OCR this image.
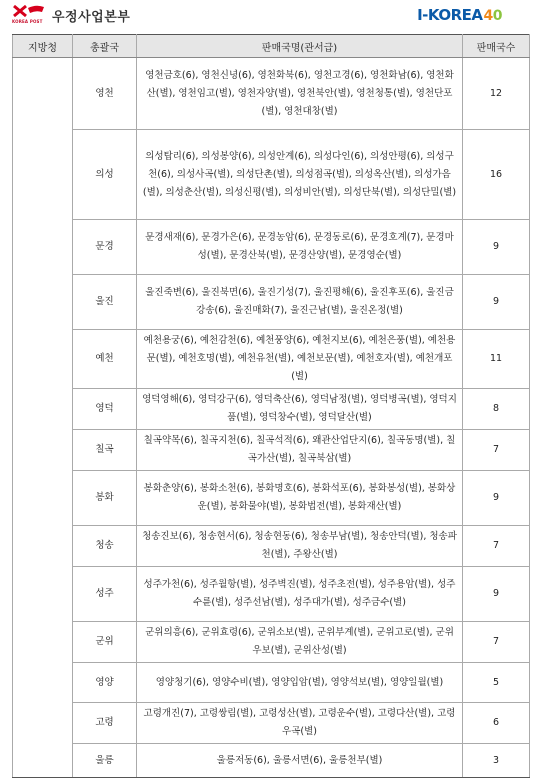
KOREA POST 우정사업본부	I-KOREA 4 0
지방청	총괄국	판매국명(관서급)	판매국수
	영천	영천금호(6), 영천신녕(6), 영천화북(6), 영천고경(6), 영천화남(6), 영천화산(별), 영천임고(별), 영천자양(별), 영천북안(별), 영천청통(별), 영천단포(별), 영천대창(별)	12
	의성	의성탑리(6), 의성봉양(6), 의성안계(6), 의성다인(6), 의성안평(6), 의성구천(6), 의성사곡(별), 의성단촌(별), 의성점곡(별), 의성옥산(별), 의성가음(별), 의성춘산(별), 의성신평(별), 의성비안(별), 의성단북(별), 의성단밀(별)	16
	문경	문경새재(6), 문경가은(6), 문경농암(6), 문경동로(6), 문경호계(7), 문경마성(별), 문경산북(별), 문경산양(별), 문경영순(별)	9
	울진	울진죽변(6), 울진북면(6), 울진기성(7), 울진평해(6), 울진후포(6), 울진금강송(6), 울진매화(7), 울진근남(별), 울진온정(별)	9
	예천	예천용궁(6), 예천감천(6), 예천풍양(6), 예천지보(6), 예천은풍(별), 예천용문(별), 예천호명(별), 예천유천(별), 예천보문(별), 예천호자(별), 예천개포(별)	11
	영덕	영덕영해(6), 영덕강구(6), 영덕축산(6), 영덕남정(별), 영덕병곡(별), 영덕지품(별), 영덕창수(별), 영덕달산(별)	8
	칠곡	칠곡약목(6), 칠곡지천(6), 칠곡석적(6), 왜관산업단지(6), 칠곡동명(별), 칠곡가산(별), 칠곡북삼(별)	7
	봉화	봉화춘양(6), 봉화소천(6), 봉화명호(6), 봉화석포(6), 봉화봉성(별), 봉화상운(별), 봉화물야(별), 봉화법전(별), 봉화재산(별)	9
	청송	청송진보(6), 청송현서(6), 청송현동(6), 청송부남(별), 청송안덕(별), 청송파천(별), 주왕산(별)	7
	성주	성주가천(6), 성주월항(별), 성주벽진(별), 성주초전(별), 성주용암(별), 성주수륜(별), 성주선남(별), 성주대가(별), 성주금수(별)	9
	군위	군위의흥(6), 군위효령(6), 군위소보(별), 군위부계(별), 군위고로(별), 군위우보(별), 군위산성(별)	7
	영양	영양청기(6), 영양수비(별), 영양입암(별), 영양석보(별), 영양일월(별)	5
	고령	고령개진(7), 고령쌍림(별), 고령성산(별), 고령운수(별), 고령다산(별), 고령우곡(별)	6
	울릉	울릉저동(6), 울릉서면(6), 울릉천부(별)	3
